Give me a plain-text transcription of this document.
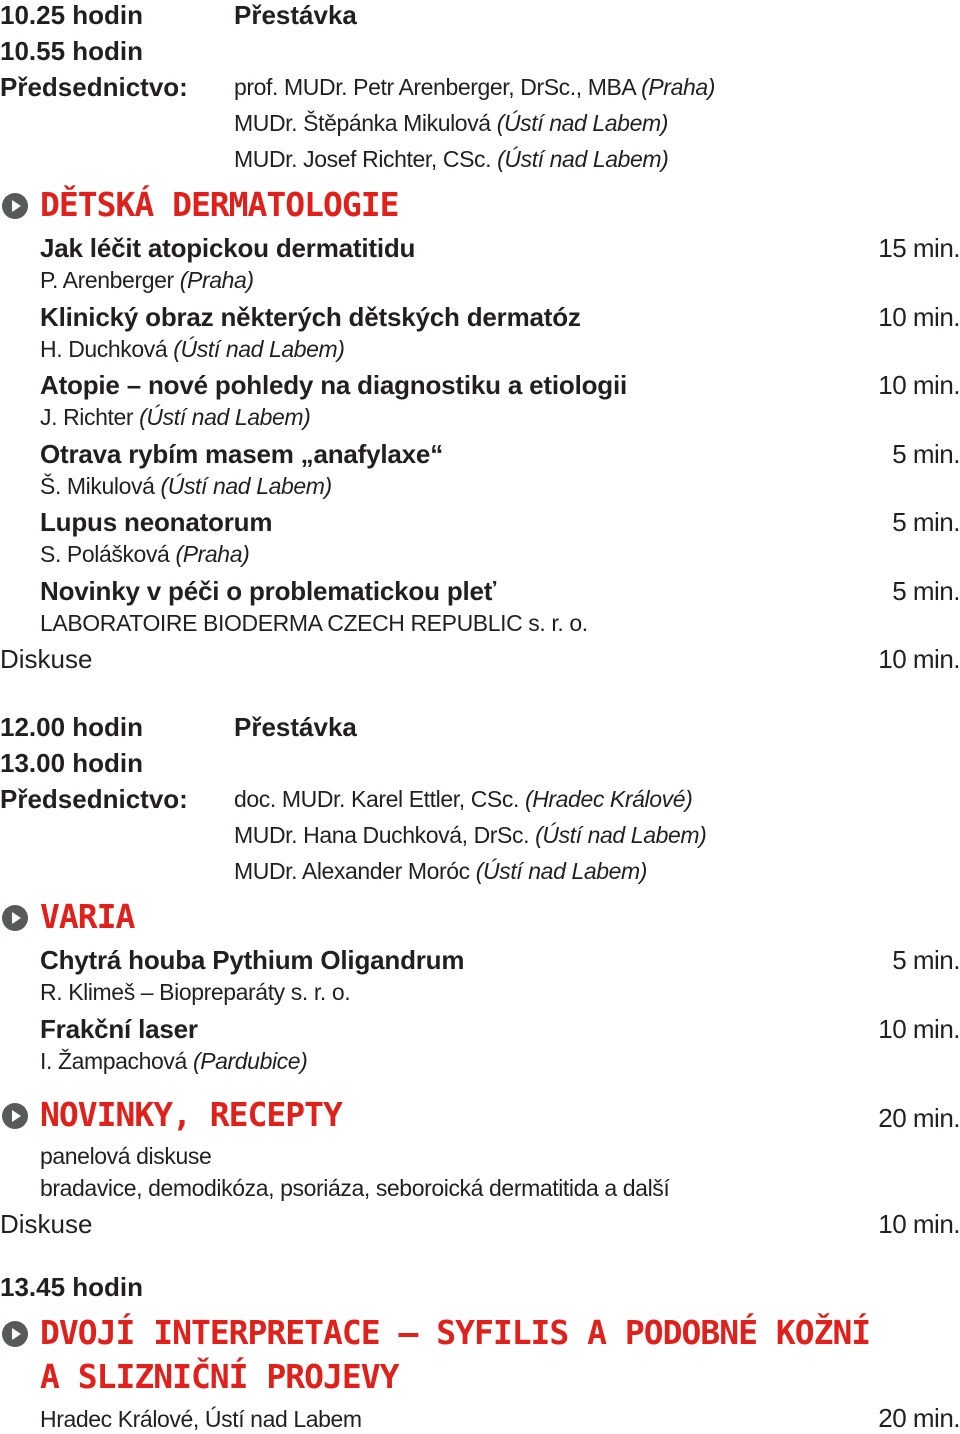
10.25 hodin	Přestávka
10.55 hodin
Předsednictvo: prof. MUDr. Petr Arenberger, DrSc., MBA (Praha)
MUDr. Štěpánka Mikulová (Ústí nad Labem)
MUDr. Josef Richter, CSc. (Ústí nad Labem)
DĚTSKÁ DERMATOLOGIE
Jak léčit atopickou dermatitidu	15 min.
P. Arenberger (Praha)
Klinický obraz některých dětských dermatóz	10 min.
H. Duchková (Ústí nad Labem)
Atopie – nové pohledy na diagnostiku a etiologii	10 min.
J. Richter (Ústí nad Labem)
Otrava rybím masem „anafylaxe“	5 min.
Š. Mikulová (Ústí nad Labem)
Lupus neonatorum	5 min.
S. Polášková (Praha)
Novinky v péči o problematickou pleť	5 min.
LABORATOIRE BIODERMA CZECH REPUBLIC s. r. o.
Diskuse	10 min.
12.00 hodin	Přestávka
13.00 hodin
Předsednictvo: doc. MUDr. Karel Ettler, CSc. (Hradec Králové)
MUDr. Hana Duchková, DrSc. (Ústí nad Labem)
MUDr. Alexander Moróc (Ústí nad Labem)
VARIA
Chytrá houba Pythium Oligandrum	5 min.
R. Klimeš – Biopreparáty s. r. o.
Frakční laser	10 min.
I. Žampachová (Pardubice)
NOVINKY, RECEPTY	20 min.
panelová diskuse
bradavice, demodikóza, psoriáza, seboroická dermatitida a další
Diskuse	10 min.
13.45 hodin
DVOJÍ INTERPRETACE – SYFILIS A PODOBNÉ KOŽNÍ
A SLIZNIČNÍ PROJEVY
Hradec Králové, Ústí nad Labem	20 min.
